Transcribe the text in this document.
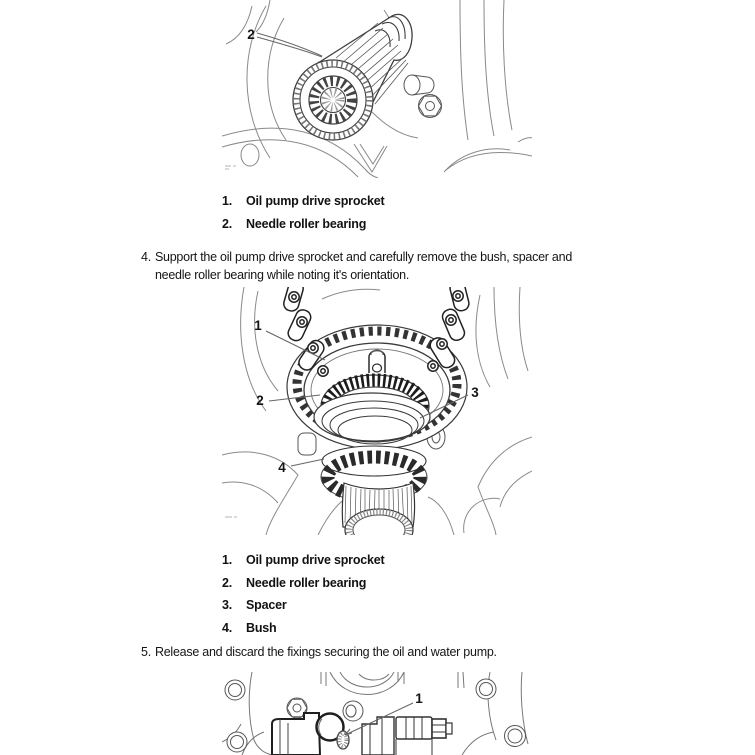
2
1.	Oil pump drive sprocket
2.	Needle roller bearing
4. Support the oil pump drive sprocket and carefully remove the bush, spacer and needle roller bearing while noting it's orientation.
1
2
3
4
1.	Oil pump drive sprocket
2.	Needle roller bearing
3.	Spacer
4.	Bush
5. Release and discard the fixings securing the oil and water pump.
1
